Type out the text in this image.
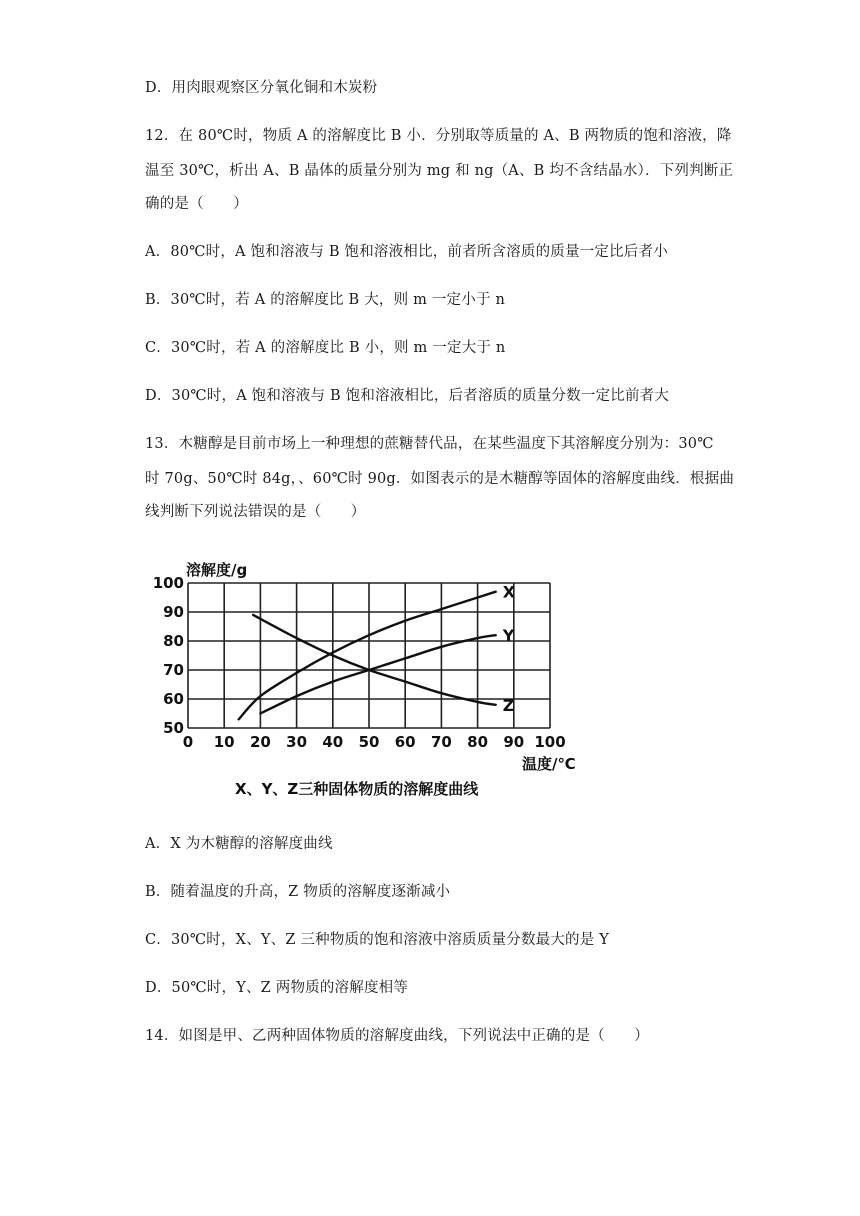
D．用肉眼观察区分氧化铜和木炭粉

12．在 80℃时，物质 A 的溶解度比 B 小．分别取等质量的 A、B 两物质的饱和溶液，降

温至 30℃，析出 A、B 晶体的质量分别为 mg 和 ng（A、B 均不含结晶水）．下列判断正

确的是（　　）

A．80℃时，A 饱和溶液与 B 饱和溶液相比，前者所含溶质的质量一定比后者小

B．30℃时，若 A 的溶解度比 B 大，则 m 一定小于 n

C．30℃时，若 A 的溶解度比 B 小，则 m 一定大于 n

D．30℃时，A 饱和溶液与 B 饱和溶液相比，后者溶质的质量分数一定比前者大

13．木糖醇是目前市场上一种理想的蔗糖替代品，在某些温度下其溶解度分别为：30℃

时 70g、50℃时 84g，、60℃时 90g．如图表示的是木糖醇等固体的溶解度曲线．根据曲

线判断下列说法错误的是（　　）

溶解度/g
温度/℃
X、Y、Z三种固体物质的溶解度曲线
0 10 20 30 40 50 60 70 80 90 100
100
90
80
70
60
50
X
Y
Z

A．X 为木糖醇的溶解度曲线

B．随着温度的升高，Z 物质的溶解度逐渐减小

C．30℃时，X、Y、Z 三种物质的饱和溶液中溶质质量分数最大的是 Y

D．50℃时，Y、Z 两物质的溶解度相等

14．如图是甲、乙两种固体物质的溶解度曲线，下列说法中正确的是（　　）
